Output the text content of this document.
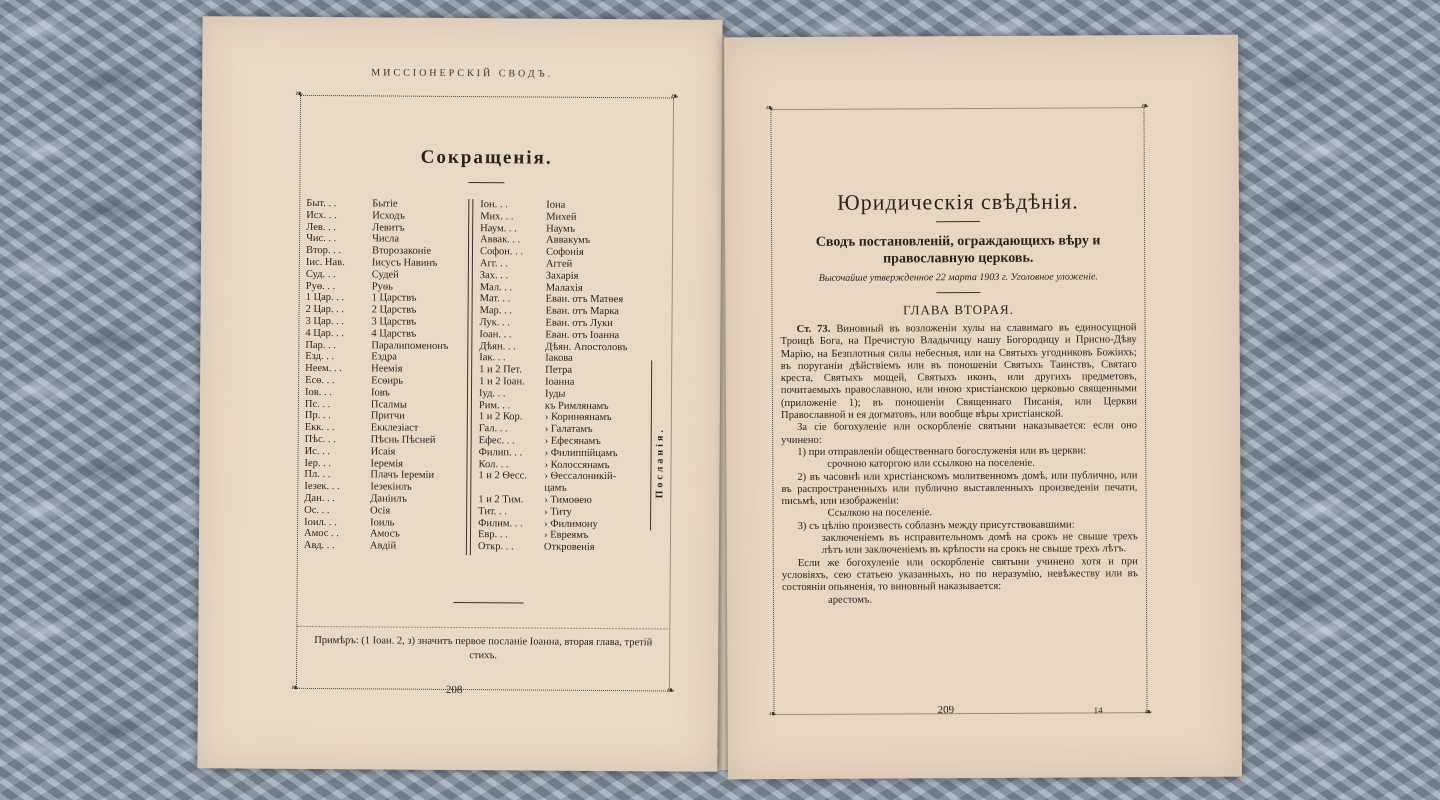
МИССІОНЕРСКІЙ СВОДЪ.
❧	❧
❧	❧
Сокращенія.
Быт. . .	Бытіе
Исх. . .	Исходъ
Лев. . .	Левитъ
Чис. . .	Числа
Втор. . .	Второзаконіе
Іис. Нав.	Іисусъ Навинъ
Суд. . .	Судей
Руѳ. . .	Руѳь
1 Цар. . .	1 Царствъ
2 Цар. . .	2 Царствъ
3 Цар. . .	3 Царствъ
4 Цар. . .	4 Царствъ
Пар. . .	Паралипоменонъ
Езд. . .	Ездра
Неем. . .	Неемія
Есѳ. . .	Есѳирь
Іов. . .	Іовъ
Пс. . .	Псалмы
Пр. . .	Притчи
Екк. . .	Екклезіаст
Пѣс. . .	Пѣснь Пѣсней
Ис. . .	Исаія
Іер. . .	Іеремія
Пл. . .	Плачъ Іереміи
Іезек. . .	Іезекіилъ
Дан. . .	Даніилъ
Ос. . .	Осія
Іоил. . .	Іоиль
Амос . .	Амосъ
Авд. . .	Авдій
Іон. . .	Іона
Мих. . .	Михей
Наум. . .	Наумъ
Аввак. . .	Аввакумъ
Софон. . .	Софонія
Агг. . .	Аггей
Зах. . .	Захарія
Мал. . .	Малахія
Мат. . .	Еван. отъ Матѳея
Мар. . .	Еван. отъ Марка
Лук. . .	Еван. отъ Луки
Іоан. . .	Еван. отъ Іоанна
Дѣян. . .	Дѣян. Апостоловъ
Іак. . .	Іакова
1 и 2 Пет.	Петра
1 и 2 Іоан.	Іоанна
Іуд. . .	Іуды
Рим. . .	къ Римлянамъ
1 и 2 Кор.	› Коринѳянамъ
Гал. . .	› Галатамъ
Ефес. . .	› Ефесянамъ
Филип. . .	› Филиппійцамъ
Кол. . .	› Колоссянамъ
1 и 2 Ѳесс.	› Ѳессалоникій-
цамъ
1 и 2 Тим.	› Тимоѳею
Тит. . .	› Титу
Филим. . .	› Филимону
Евр. . .	› Евреямъ
Откр. . .	Откровенія
Посланія.
Примѣръ: (1 Іоан. 2, з) значитъ первое посланіе Іоанна, вторая глава, третій стихъ.
208
❧	❧
❧	❧
Юридическія свѣдѣнія.
Сводъ постановленій, ограждающихъ вѣру и православную церковь.
Высочайше утвержденное 22 марта 1903 г. Уголовное уложеніе.
ГЛАВА ВТОРАЯ.

Ст. 73. Виновный въ возложеніи хулы на славимаго въ единосущной Троицѣ Бога, на Пречистую Владычицу нашу Богородицу и Присно-Дѣву Марію, на Безплотныя силы небесныя, или на Святыхъ угодниковъ Божіихъ; въ поруганіи дѣйствіемъ или въ поношеніи Святыхъ Таинствъ, Святаго креста, Святыхъ мощей, Святыхъ иконъ, или другихъ предметовъ, почитаемыхъ православною, или иною христіанскою церковью священными (приложеніе 1); въ поношеніи Священнаго Писанія, или Церкви Православной и ея догматовъ, или вообще вѣры христіанской.

За сіе богохуленіе или оскорбленіе святыни наказывается: если оно учинено:

1) при отправленіи общественнаго богослуженія или въ церкви:

срочною каторгою или ссылкою на поселеніе.

2) въ часовнѣ или христіанскомъ молитвенномъ домѣ, или публично, или въ распространенныхъ или публично выставленныхъ произведеніи печати, письмѣ, или изображеніи:

Ссылкою на поселеніе.

3) съ цѣлію произвесть соблазнъ между присутствовавшими:

заключеніемъ въ исправительномъ домѣ на срокъ не свыше трехъ лѣтъ или заключеніемъ въ крѣпости на срокъ не свыше трехъ лѣтъ.

Если же богохуленіе или оскорбленіе святыни учинено хотя и при условіяхъ, сею статьею указанныхъ, но по неразумію, невѣжеству или въ состояніи опьяненія, то виновный наказывается:

арестомъ.

209	14
